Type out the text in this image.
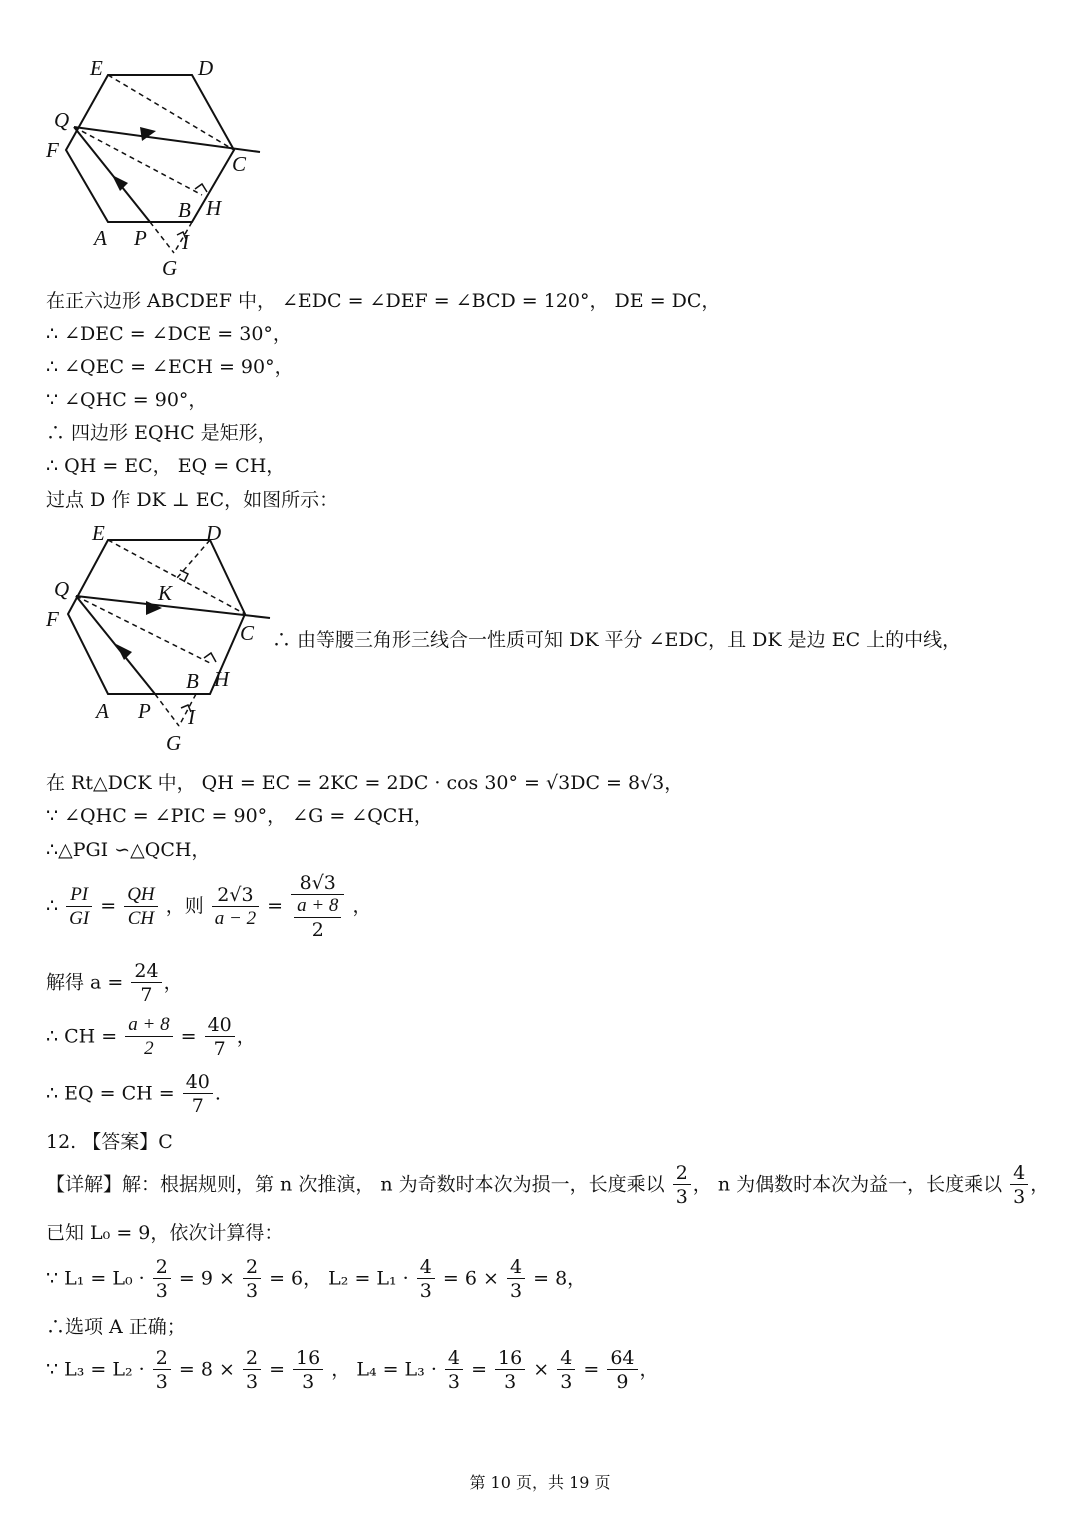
E	D
Q
F
C
B H
A P I
G
在正六边形 ABCDEF 中， ∠EDC = ∠DEF = ∠BCD = 120°， DE = DC，
∴ ∠DEC = ∠DCE = 30°，
∴ ∠QEC = ∠ECH = 90°，
∵ ∠QHC = 90°，
∴ 四边形 EQHC 是矩形，
∴ QH = EC， EQ = CH，
过点 D 作 DK ⊥ EC，如图所示：
E	D
K
Q
F
C
B H
A P I
G
∴ 由等腰三角形三线合一性质可知 DK 平分 ∠EDC，且 DK 是边 EC 上的中线，
在 Rt△DCK 中， QH = EC = 2KC = 2DC · cos 30° = √3DC = 8√3，
∵ ∠QHC = ∠PIC = 90°， ∠G = ∠QCH，
∴△PGI ∽△QCH，
∴ $\frac{PI}{GI} = \frac{QH}{CH}$ ，则 $\frac{2√3}{a - 2} = \frac{8√3}{\frac{a + 8}{2}}$ ，
解得 $a = \frac{24}{7}$ ，
∴ CH = $\frac{a + 8}{2} = \frac{40}{7}$ ，
∴ EQ = CH = $\frac{40}{7}$ .
12. 【答案】C
【详解】解：根据规则，第 n 次推演， n 为奇数时本次为损一，长度乘以 $\frac{2}{3}$ ， n 为偶数时本次为益一，长度乘以 $\frac{4}{3}$ ，
已知 L₀ = 9，依次计算得：
∵ $L_1 = L_0 \cdot \frac{2}{3} = 9 \times \frac{2}{3} = 6$， $L_2 = L_1 \cdot \frac{4}{3} = 6 \times \frac{4}{3} = 8$，
∴选项 A 正确；
∵ $L_3 = L_2 \cdot \frac{2}{3} = 8 \times \frac{2}{3} = \frac{16}{3}$ ， $L_4 = L_3 \cdot \frac{4}{3} = \frac{16}{3} \times \frac{4}{3} = \frac{64}{9}$ ，
第 10 页，共 19 页
